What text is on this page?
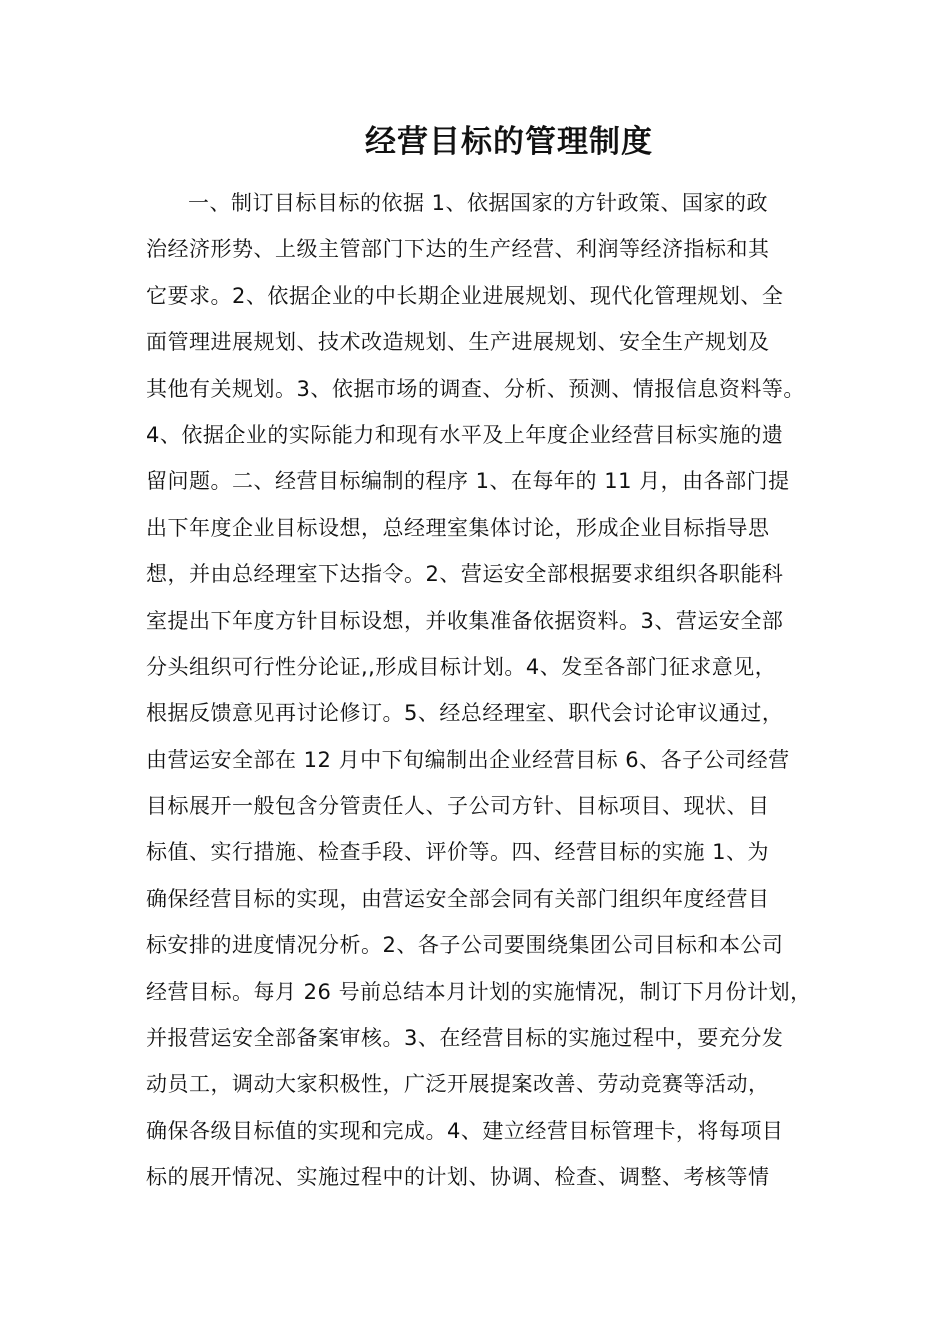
经营目标的管理制度
一、制订目标目标的依据 1、依据国家的方针政策、国家的政
治经济形势、上级主管部门下达的生产经营、利润等经济指标和其
它要求。2、依据企业的中长期企业进展规划、现代化管理规划、全
面管理进展规划、技术改造规划、生产进展规划、安全生产规划及
其他有关规划。3、依据市场的调查、分析、预测、情报信息资料等。
4、依据企业的实际能力和现有水平及上年度企业经营目标实施的遗
留问题。二、经营目标编制的程序 1、在每年的 11 月，由各部门提
出下年度企业目标设想，总经理室集体讨论，形成企业目标指导思
想，并由总经理室下达指令。2、营运安全部根据要求组织各职能科
室提出下年度方针目标设想，并收集准备依据资料。3、营运安全部
分头组织可行性分论证,,形成目标计划。4、发至各部门征求意见，
根据反馈意见再讨论修订。5、经总经理室、职代会讨论审议通过，
由营运安全部在 12 月中下旬编制出企业经营目标 6、各子公司经营
目标展开一般包含分管责任人、子公司方针、目标项目、现状、目
标值、实行措施、检查手段、评价等。四、经营目标的实施 1、为
确保经营目标的实现，由营运安全部会同有关部门组织年度经营目
标安排的进度情况分析。2、各子公司要围绕集团公司目标和本公司
经营目标。每月 26 号前总结本月计划的实施情况，制订下月份计划，
并报营运安全部备案审核。3、在经营目标的实施过程中，要充分发
动员工，调动大家积极性，广泛开展提案改善、劳动竞赛等活动，
确保各级目标值的实现和完成。4、建立经营目标管理卡，将每项目
标的展开情况、实施过程中的计划、协调、检查、调整、考核等情
